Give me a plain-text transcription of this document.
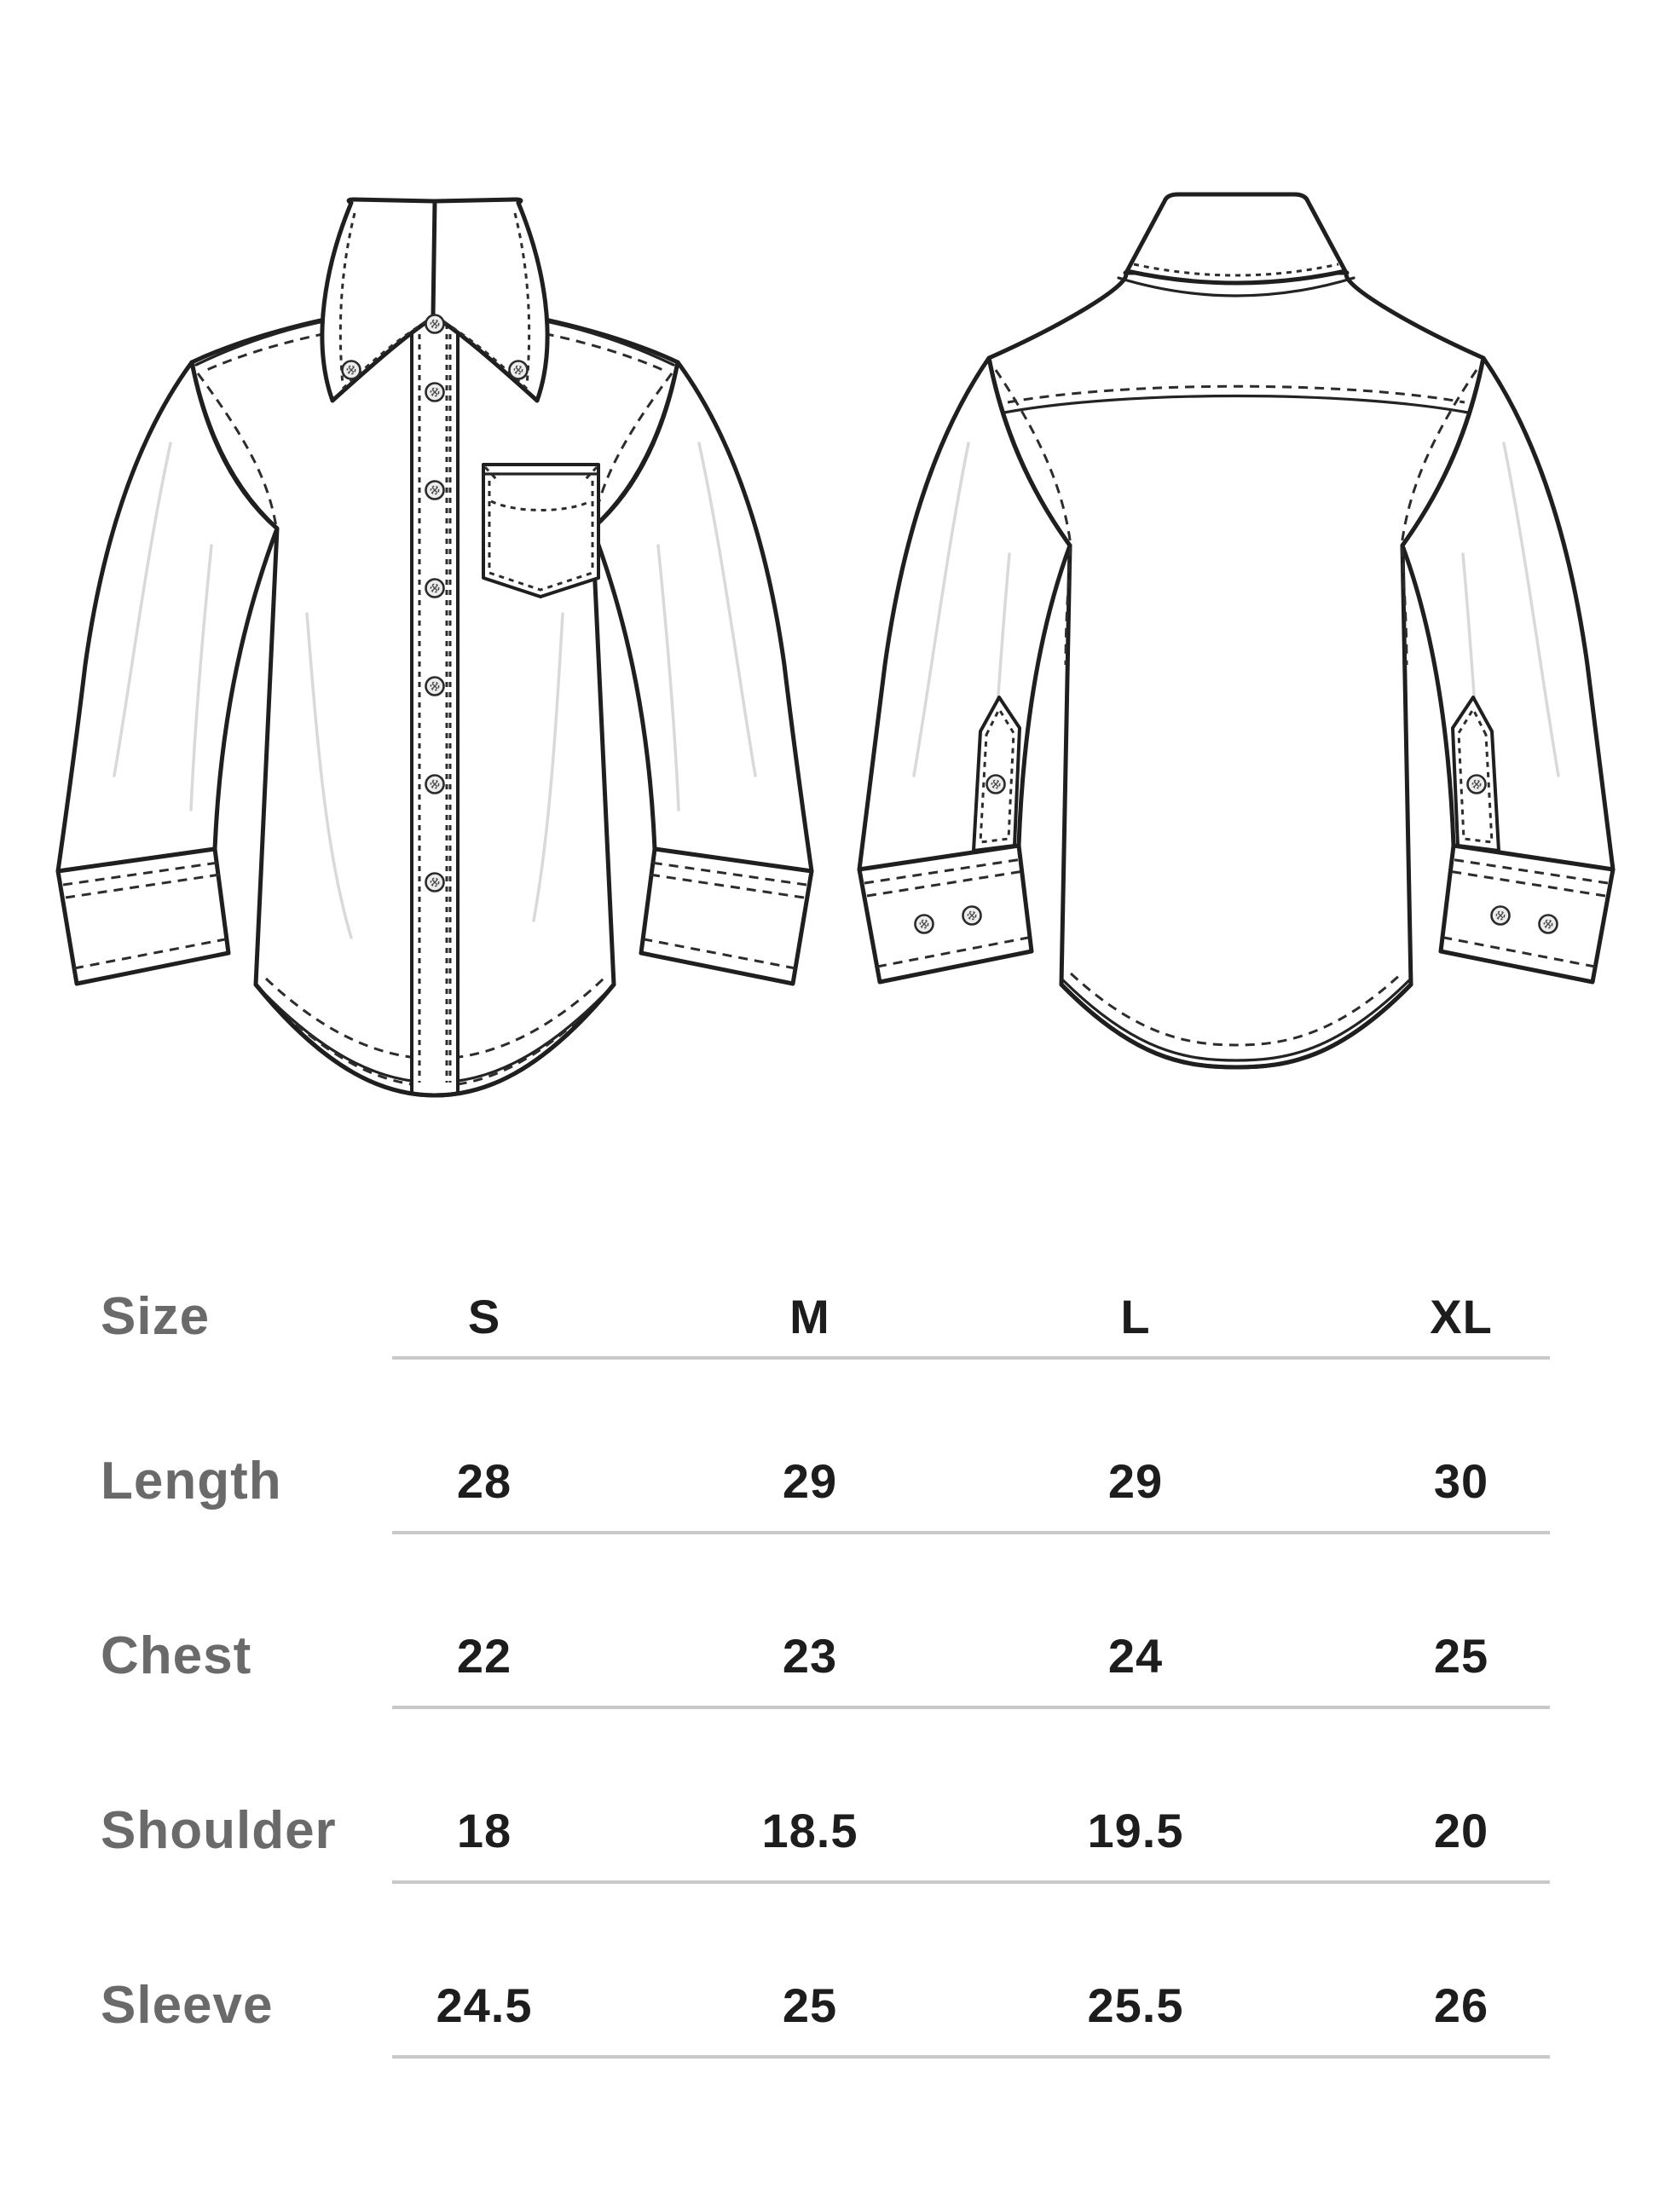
Size	S	M	L	XL
Length	28	29	29	30
Chest	22	23	24	25
Shoulder	18	18.5	19.5	20
Sleeve	24.5	25	25.5	26
